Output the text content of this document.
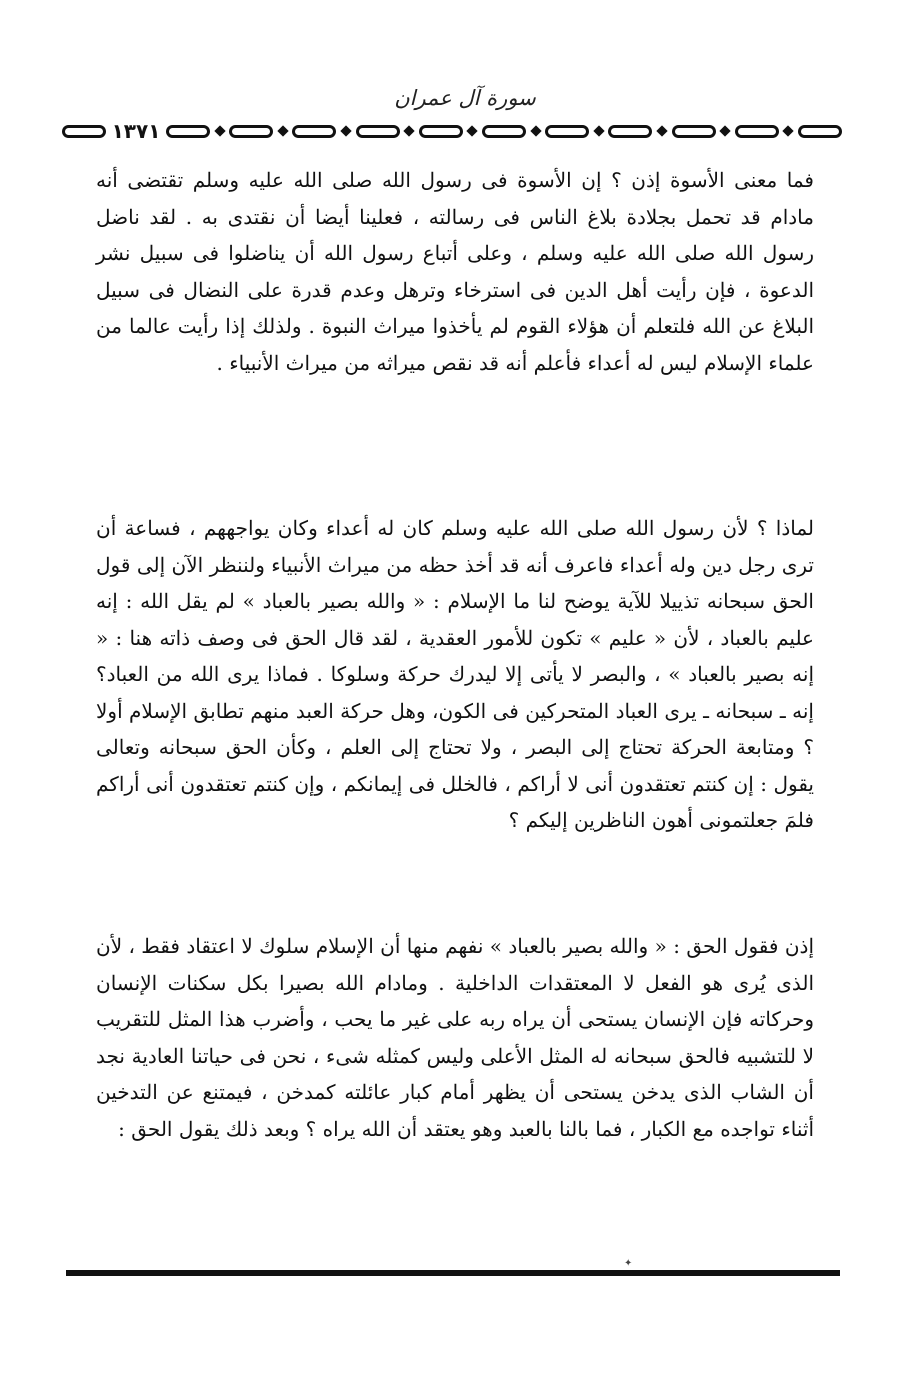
سورة آل عمران
١٣٧١

فما معنى الأسوة إذن ؟ إن الأسوة فى رسول الله صلى الله عليه وسلم تقتضى أنه مادام قد تحمل بجلادة بلاغ الناس فى رسالته ، فعلينا أيضا أن نقتدى به . لقد ناضل رسول الله صلى الله عليه وسلم ، وعلى أتباع رسول الله أن يناضلوا فى سبيل نشر الدعوة ، فإن رأيت أهل الدين فى استرخاء وترهل وعدم قدرة على النضال فى سبيل البلاغ عن الله فلتعلم أن هؤلاء القوم لم يأخذوا ميراث النبوة . ولذلك إذا رأيت عالما من علماء الإسلام ليس له أعداء فأعلم أنه قد نقص ميراثه من ميراث الأنبياء .

لماذا ؟ لأن رسول الله صلى الله عليه وسلم كان له أعداء وكان يواجههم ، فساعة أن ترى رجل دين وله أعداء فاعرف أنه قد أخذ حظه من ميراث الأنبياء ولننظر الآن إلى قول الحق سبحانه تذييلا للآية يوضح لنا ما الإسلام : « والله بصير بالعباد » لم يقل الله : إنه عليم بالعباد ، لأن « عليم » تكون للأمور العقدية ، لقد قال الحق فى وصف ذاته هنا : « إنه بصير بالعباد » ، والبصر لا يأتى إلا ليدرك حركة وسلوكا . فماذا يرى الله من العباد؟ إنه ـ سبحانه ـ يرى العباد المتحركين فى الكون، وهل حركة العبد منهم تطابق الإسلام أولا ؟ ومتابعة الحركة تحتاج إلى البصر ، ولا تحتاج إلى العلم ، وكأن الحق سبحانه وتعالى يقول : إن كنتم تعتقدون أنى لا أراكم ، فالخلل فى إيمانكم ، وإن كنتم تعتقدون أنى أراكم فلمَ جعلتمونى أهون الناظرين إليكم ؟

إذن فقول الحق : « والله بصير بالعباد » نفهم منها أن الإسلام سلوك لا اعتقاد فقط ، لأن الذى يُرى هو الفعل لا المعتقدات الداخلية . ومادام الله بصيرا بكل سكنات الإنسان وحركاته فإن الإنسان يستحى أن يراه ربه على غير ما يحب ، وأضرب هذا المثل للتقريب لا للتشبيه فالحق سبحانه له المثل الأعلى وليس كمثله شىء ، نحن فى حياتنا العادية نجد أن الشاب الذى يدخن يستحى أن يظهر أمام كبار عائلته كمدخن ، فيمتنع عن التدخين أثناء تواجده مع الكبار ، فما بالنا بالعبد وهو يعتقد أن الله يراه ؟ وبعد ذلك يقول الحق :

✦
